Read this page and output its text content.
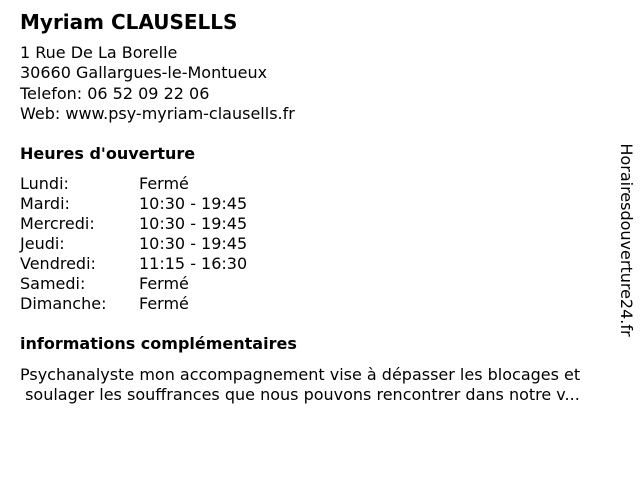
Myriam CLAUSELLS
1 Rue De La Borelle
30660 Gallargues-le-Montueux
Telefon: 06 52 09 22 06
Web: www.psy-myriam-clausells.fr
Heures d'ouverture
Lundi:	Fermé
Mardi:	10:30 - 19:45
Mercredi:	10:30 - 19:45
Jeudi:	10:30 - 19:45
Vendredi:	11:15 - 16:30
Samedi:	Fermé
Dimanche: Fermé
informations complémentaires
Psychanalyste mon accompagnement vise à dépasser les blocages et
soulager les souffrances que nous pouvons rencontrer dans notre v...
Horairesdouverture24.fr
